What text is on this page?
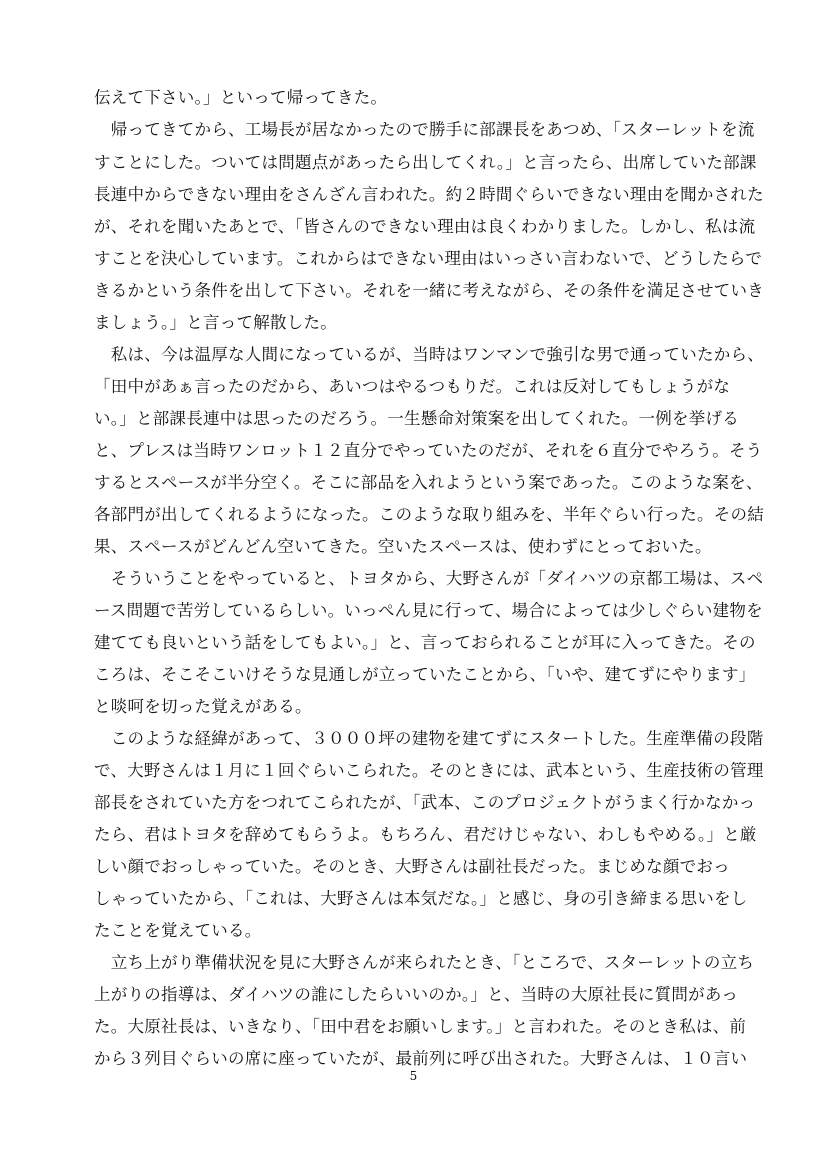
伝えて下さい。」といって帰ってきた。
　帰ってきてから、工場長が居なかったので勝手に部課長をあつめ、「スターレットを流
すことにした。ついては問題点があったら出してくれ。」と言ったら、出席していた部課
長連中からできない理由をさんざん言われた。約２時間ぐらいできない理由を聞かされた
が、それを聞いたあとで、「皆さんのできない理由は良くわかりました。しかし、私は流
すことを決心しています。これからはできない理由はいっさい言わないで、どうしたらで
きるかという条件を出して下さい。それを一緒に考えながら、その条件を満足させていき
ましょう。」と言って解散した。
　私は、今は温厚な人間になっているが、当時はワンマンで強引な男で通っていたから、
「田中があぁ言ったのだから、あいつはやるつもりだ。これは反対してもしょうがな
い。」と部課長連中は思ったのだろう。一生懸命対策案を出してくれた。一例を挙げる
と、プレスは当時ワンロット１２直分でやっていたのだが、それを６直分でやろう。そう
するとスペースが半分空く。そこに部品を入れようという案であった。このような案を、
各部門が出してくれるようになった。このような取り組みを、半年ぐらい行った。その結
果、スペースがどんどん空いてきた。空いたスペースは、使わずにとっておいた。
　そういうことをやっていると、トヨタから、大野さんが「ダイハツの京都工場は、スペ
ース問題で苦労しているらしい。いっぺん見に行って、場合によっては少しぐらい建物を
建てても良いという話をしてもよい。」と、言っておられることが耳に入ってきた。その
ころは、そこそこいけそうな見通しが立っていたことから、「いや、建てずにやります」
と啖呵を切った覚えがある。
　このような経緯があって、３０００坪の建物を建てずにスタートした。生産準備の段階
で、大野さんは１月に１回ぐらいこられた。そのときには、武本という、生産技術の管理
部長をされていた方をつれてこられたが、「武本、このプロジェクトがうまく行かなかっ
たら、君はトヨタを辞めてもらうよ。もちろん、君だけじゃない、わしもやめる。」と厳
しい顔でおっしゃっていた。そのとき、大野さんは副社長だった。まじめな顔でおっ
しゃっていたから、「これは、大野さんは本気だな。」と感じ、身の引き締まる思いをし
たことを覚えている。
　立ち上がり準備状況を見に大野さんが来られたとき、「ところで、スターレットの立ち
上がりの指導は、ダイハツの誰にしたらいいのか。」と、当時の大原社長に質問があっ
た。大原社長は、いきなり、「田中君をお願いします。」と言われた。そのとき私は、前
から３列目ぐらいの席に座っていたが、最前列に呼び出された。大野さんは、１０言い
5
